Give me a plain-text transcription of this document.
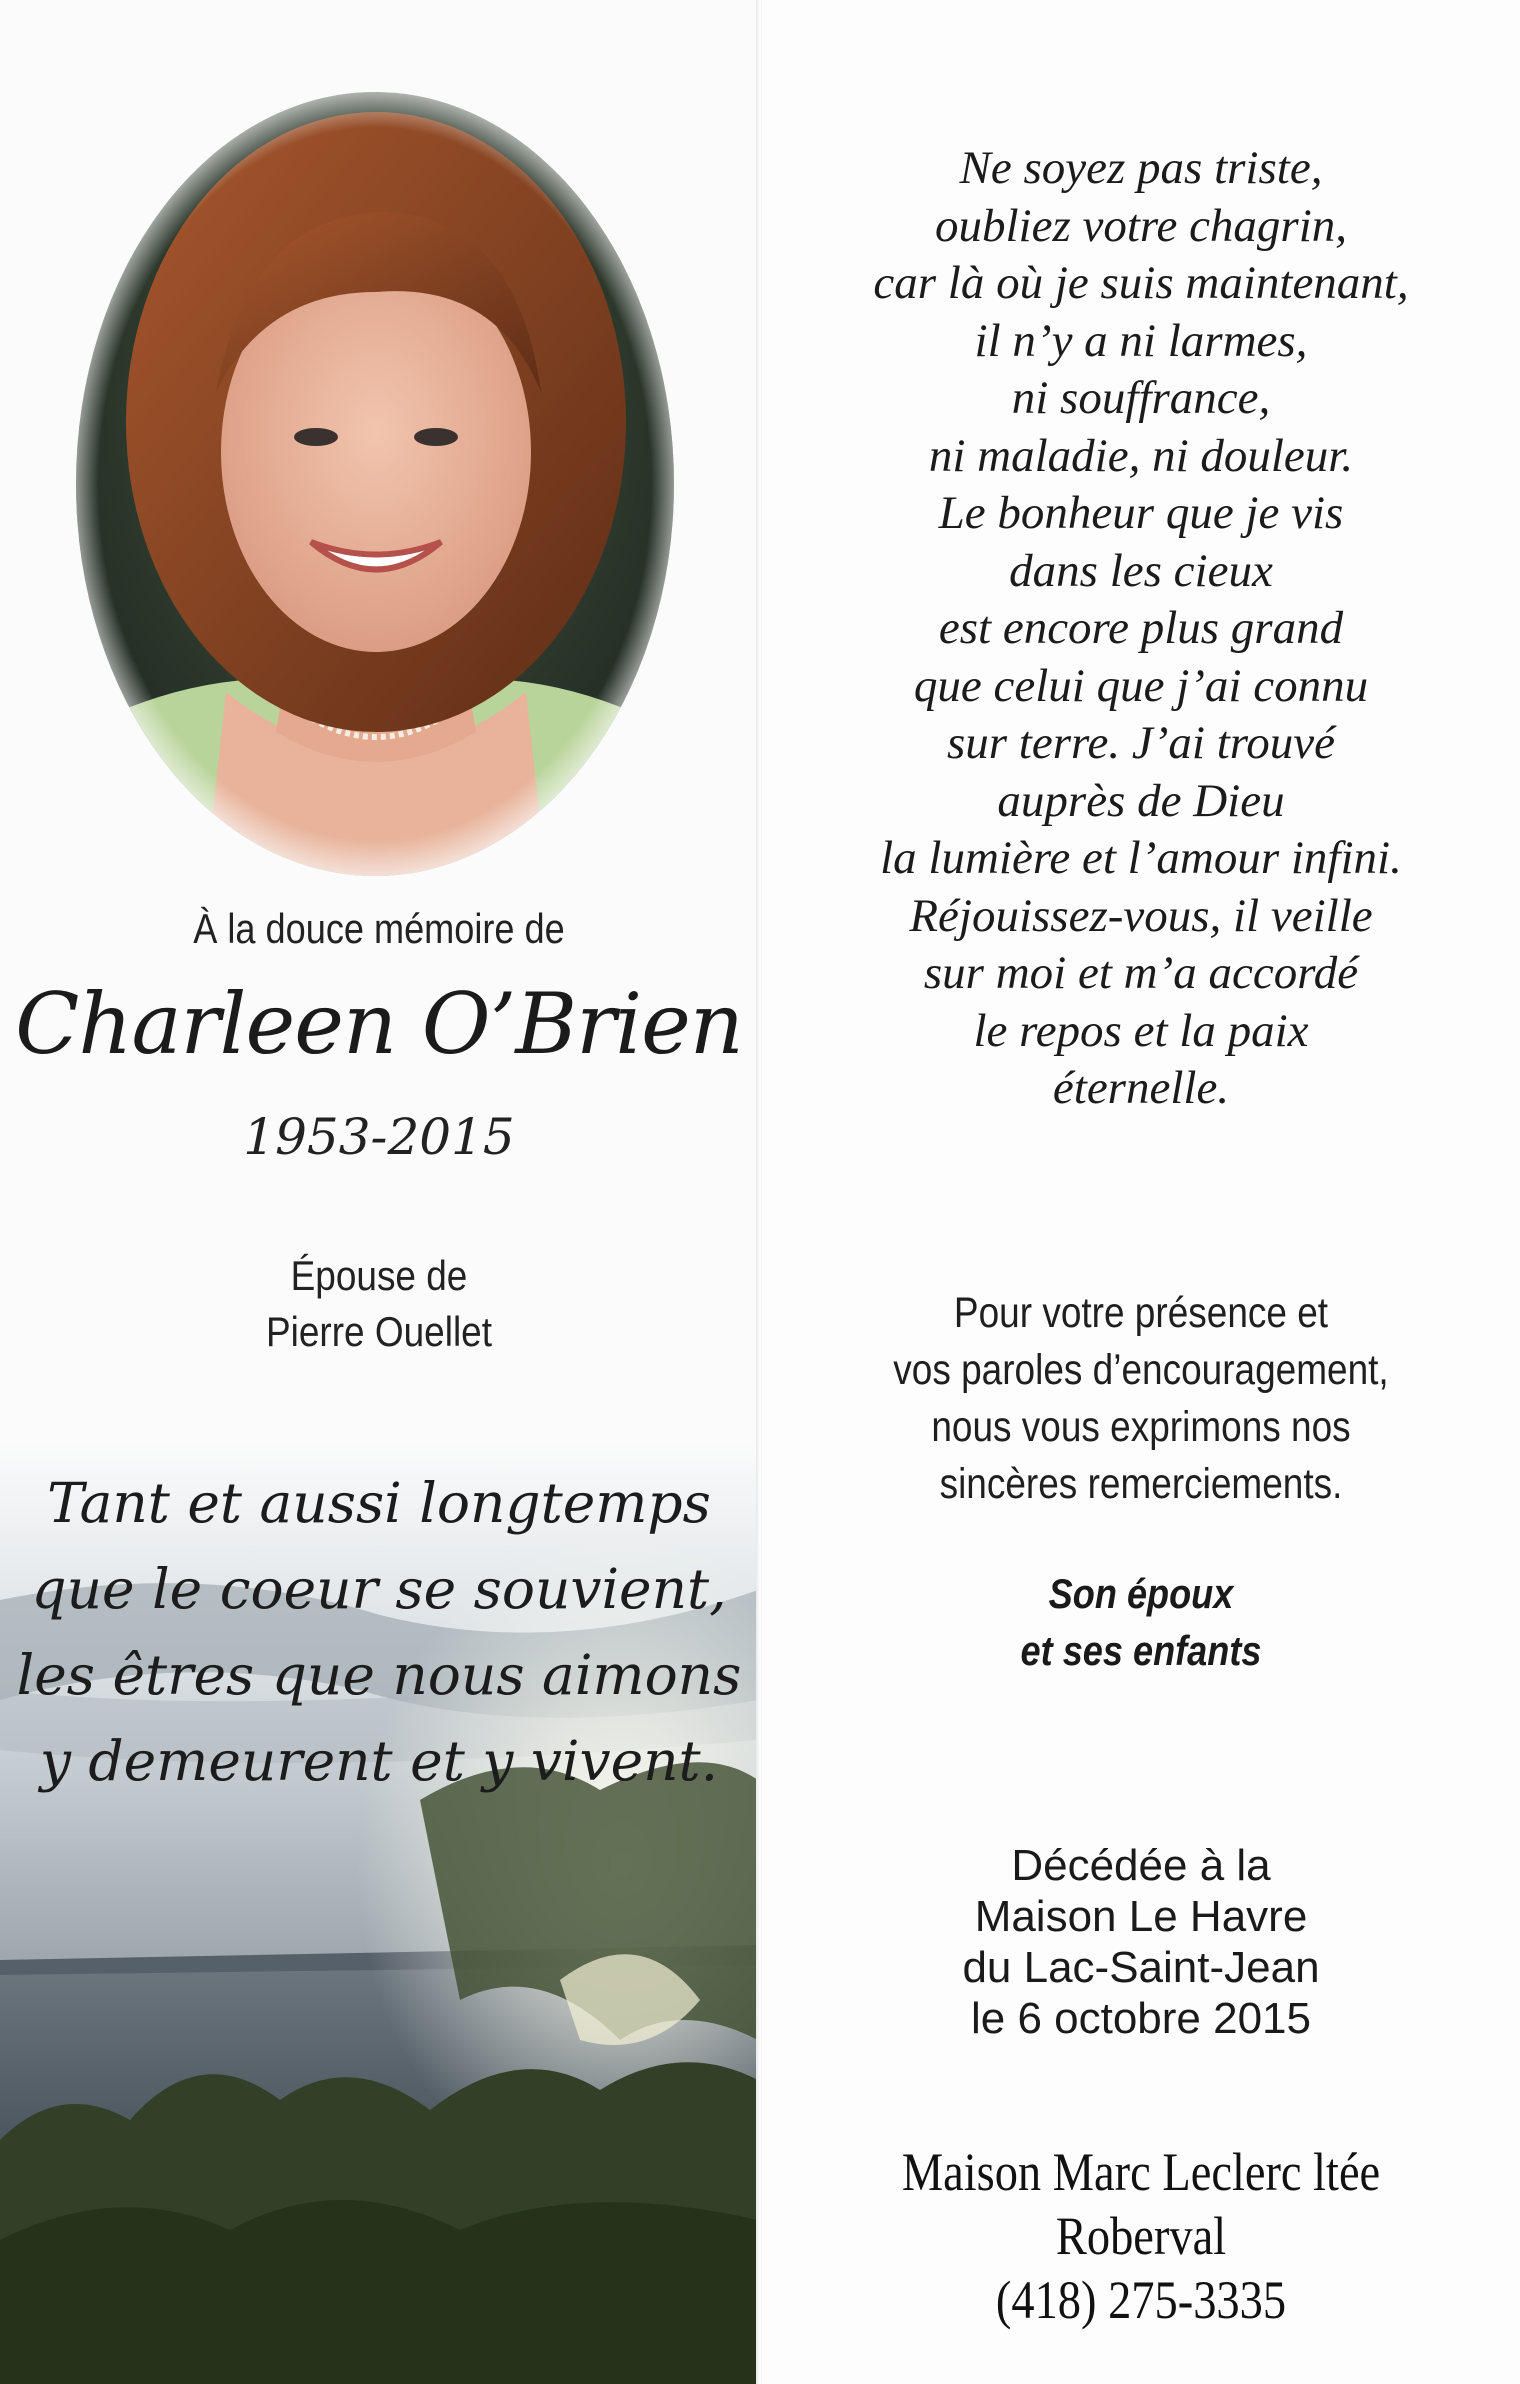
À la douce mémoire de
Charleen O’Brien
1953-2015
Épouse de
Pierre Ouellet
Tant et aussi longtemps
que le coeur se souvient,
les êtres que nous aimons
y demeurent et y vivent.
Ne soyez pas triste,
oubliez votre chagrin,
car là où je suis maintenant,
il n’y a ni larmes,
ni souffrance,
ni maladie, ni douleur.
Le bonheur que je vis
dans les cieux
est encore plus grand
que celui que j’ai connu
sur terre. J’ai trouvé
auprès de Dieu
la lumière et l’amour infini.
Réjouissez-vous, il veille
sur moi et m’a accordé
le repos et la paix
éternelle.
Pour votre présence et
vos paroles d’encouragement,
nous vous exprimons nos
sincères remerciements.
Son époux
et ses enfants
Décédée à la
Maison Le Havre
du Lac-Saint-Jean
le 6 octobre 2015
Maison Marc Leclerc ltée
Roberval
(418) 275-3335
